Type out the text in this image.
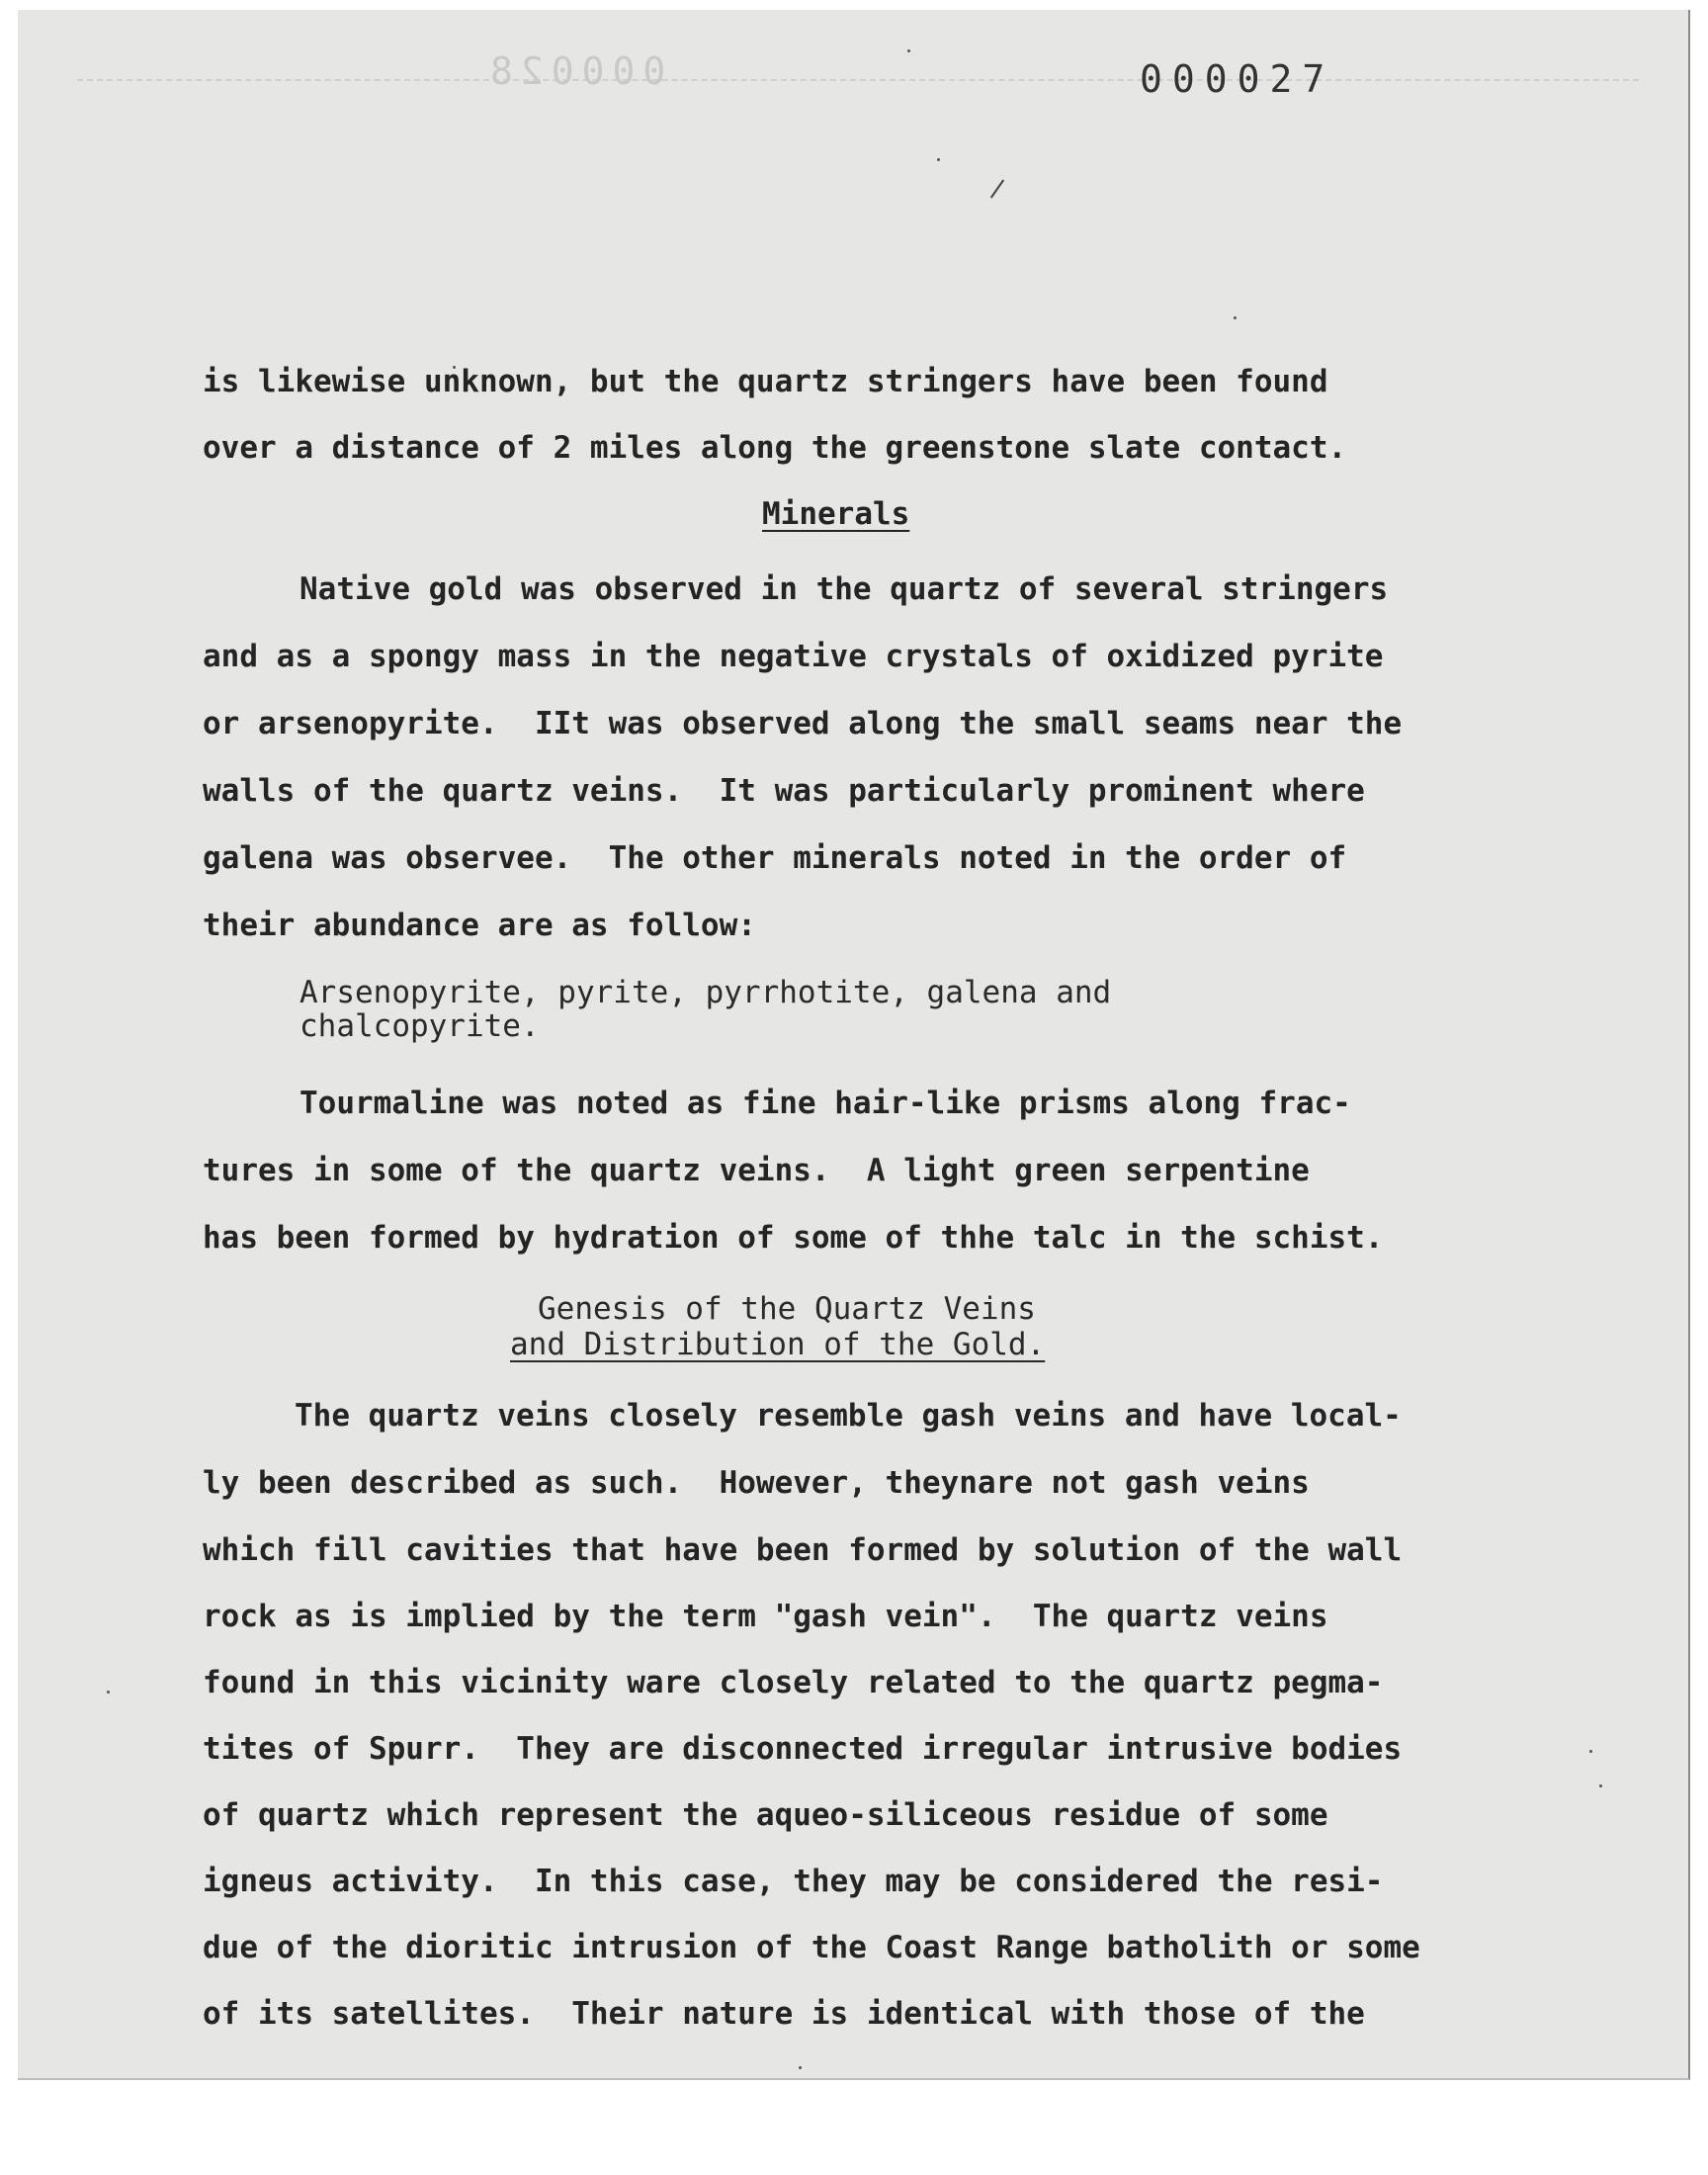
000028	000027
is likewise unknown, but the quartz stringers have been found
over a distance of 2 miles along the greenstone slate contact.
Minerals
Native gold was observed in the quartz of several stringers
and as a spongy mass in the negative crystals of oxidized pyrite
or arsenopyrite.  IIt was observed along the small seams near the
walls of the quartz veins.  It was particularly prominent where
galena was observee.  The other minerals noted in the order of
their abundance are as follow:
Arsenopyrite, pyrite, pyrrhotite, galena and
chalcopyrite.
Tourmaline was noted as fine hair-like prisms along frac-
tures in some of the quartz veins.  A light green serpentine
has been formed by hydration of some of thhe talc in the schist.
Genesis of the Quartz Veins
and Distribution of the Gold.
The quartz veins closely resemble gash veins and have local-
ly been described as such.  However, theynare not gash veins
which fill cavities that have been formed by solution of the wall
rock as is implied by the term "gash vein".  The quartz veins
found in this vicinity ware closely related to the quartz pegma-
tites of Spurr.  They are disconnected irregular intrusive bodies
of quartz which represent the aqueo-siliceous residue of some
igneus activity.  In this case, they may be considered the resi-
due of the dioritic intrusion of the Coast Range batholith or some
of its satellites.  Their nature is identical with those of the
